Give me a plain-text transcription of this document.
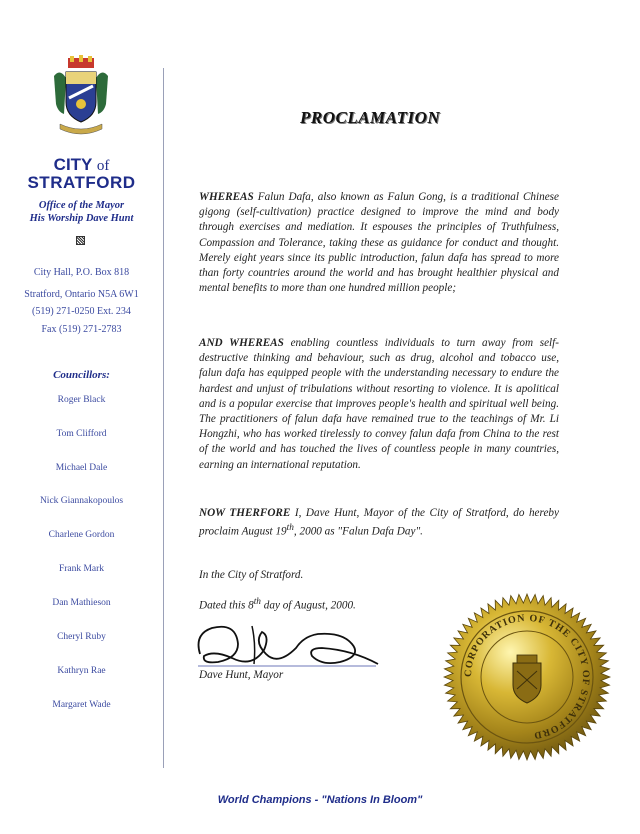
CITY of
STRATFORD
Office of the Mayor
His Worship Dave Hunt
City Hall, P.O. Box 818
Stratford, Ontario N5A 6W1
(519) 271-0250 Ext. 234
Fax (519) 271-2783
Councillors:
Roger Black
Tom Clifford
Michael Dale
Nick Giannakopoulos
Charlene Gordon
Frank Mark
Dan Mathieson
Cheryl Ruby
Kathryn Rae
Margaret Wade
PROCLAMATION
WHEREAS Falun Dafa, also known as Falun Gong, is a traditional Chinese gigong (self-cultivation) practice designed to improve the mind and body through exercises and mediation. It espouses the principles of Truthfulness, Compassion and Tolerance, taking these as guidance for conduct and thought. Merely eight years since its public introduction, falun dafa has spread to more than forty countries around the world and has brought healthier physical and mental benefits to more than one hundred million people;
AND WHEREAS enabling countless individuals to turn away from self-destructive thinking and behaviour, such as drug, alcohol and tobacco use, falun dafa has equipped people with the understanding necessary to endure the hardest and unjust of tribulations without resorting to violence. It is apolitical and is a popular exercise that improves people's health and spiritual well being. The practitioners of falun dafa have remained true to the teachings of Mr. Li Hongzhi, who has worked tirelessly to convey falun dafa from China to the rest of the world and has touched the lives of countless people in many countries, earning an international reputation.
NOW THERFORE I, Dave Hunt, Mayor of the City of Stratford, do hereby proclaim August 19th, 2000 as "Falun Dafa Day".
In the City of Stratford.
Dated this 8th day of August, 2000.
Dave Hunt, Mayor	CORPORATION OF THE CITY OF STRATFORD
World Champions - "Nations In Bloom"
